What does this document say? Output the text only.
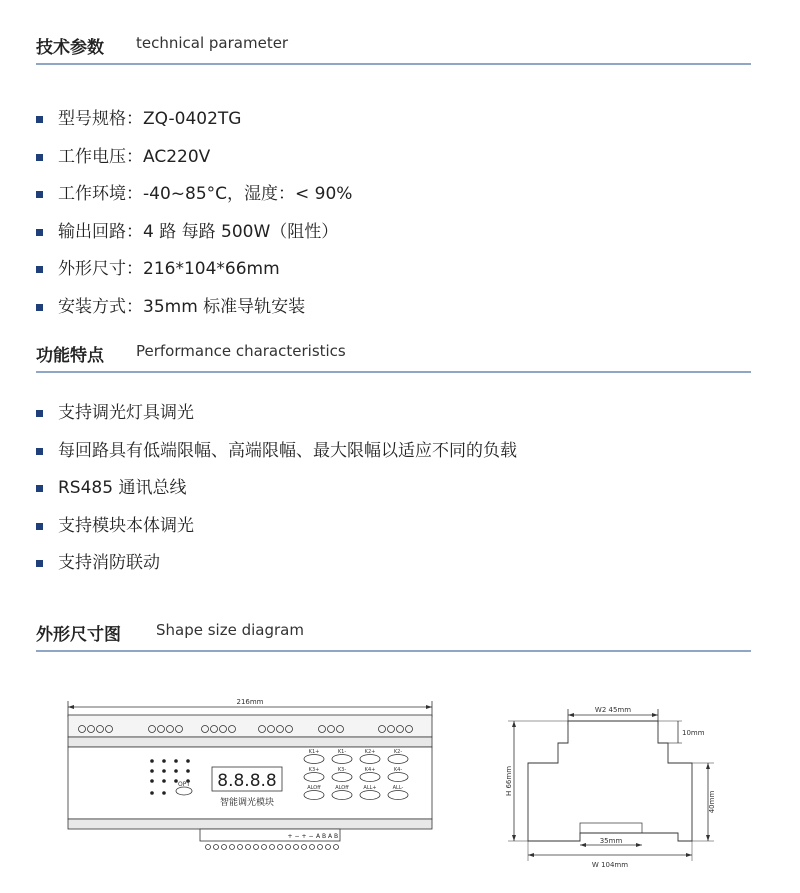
技术参数 technical parameter
型号规格：ZQ-0402TG
工作电压：AC220V
工作环境：-40~85°C，湿度：< 90%
输出回路：4 路 每路 500W（阻性）
外形尺寸：216*104*66mm
安装方式：35mm 标准导轨安装
功能特点 Performance characteristics
支持调光灯具调光
每回路具有低端限幅、高端限幅、最大限幅以适应不同的负载
RS485 通讯总线
支持模块本体调光
支持消防联动
外形尺寸图 Shape size diagram
216mm
OPT 8.8.8.8
智能调光模块
K1+	K1-	K2+	K2-
K3+	K3-	K4+	K4-
ALOff	ALOff	ALL+	ALL-
+ − + − A B A B
W2 45mm
10mm
H 66mm
40mm
35mm
W 104mm
